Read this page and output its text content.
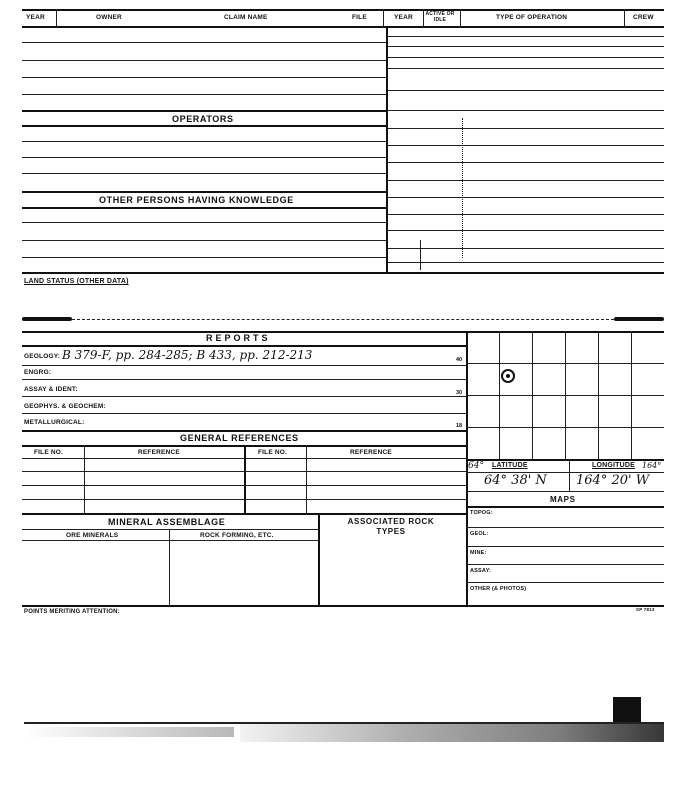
YEAR	OWNER	CLAIM NAME	FILE	YEAR	ACTIVE OR IDLE	TYPE OF OPERATION	CREW
OPERATORS
OTHER PERSONS HAVING KNOWLEDGE
LAND STATUS (OTHER DATA)
REPORTS
GEOLOGY: B 379-F, pp. 284-285; B 433, pp. 212-213
ENGRG:
ASSAY & IDENT:
GEOPHYS. & GEOCHEM:
METALLURGICAL:
40
30
18
GENERAL REFERENCES
FILE NO.	REFERENCE	FILE NO.	REFERENCE
MINERAL ASSEMBLAGE
ORE MINERALS	ROCK FORMING, ETC.
ASSOCIATED ROCK TYPES
64° LATITUDE	LONGITUDE 164°
64° 38' N 164° 20' W
MAPS
TOPOG:
GEOL:
MINE:
ASSAY:
OTHER (& PHOTOS)
POINTS MERITING ATTENTION:	SP 7813
